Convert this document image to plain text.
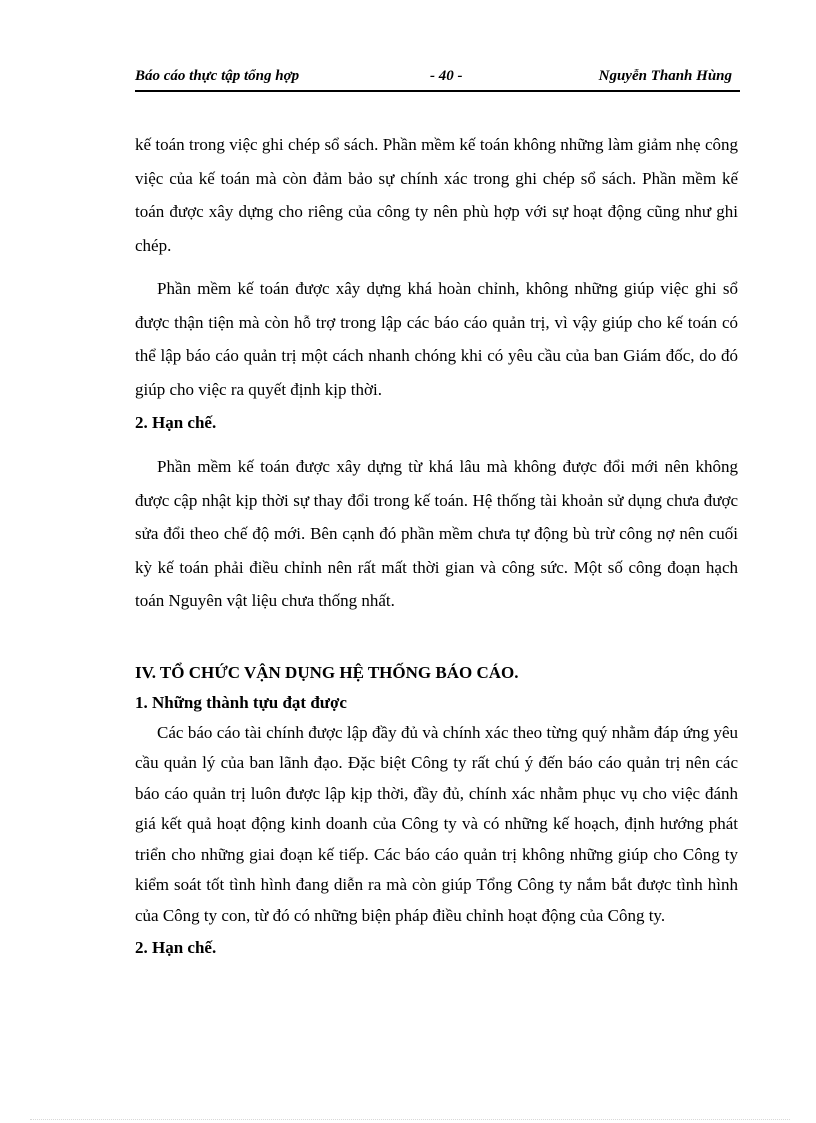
Báo cáo thực tập tổng hợp	- 40 -	Nguyễn Thanh Hùng

kế toán trong việc ghi chép sổ sách. Phần mềm kế toán không những làm giảm nhẹ công việc của kế toán mà còn đảm bảo sự chính xác trong ghi chép sổ sách. Phần mềm kế toán được xây dựng cho riêng của công ty nên phù hợp với sự hoạt động cũng như ghi chép.

Phần mềm kế toán được xây dựng khá hoàn chỉnh, không những giúp việc ghi sổ được thận tiện mà còn hỗ trợ trong lập các báo cáo quản trị, vì vậy giúp cho kế toán có thể lập báo cáo quản trị một cách nhanh chóng khi có yêu cầu của ban Giám đốc, do đó giúp cho việc ra quyết định kịp thời.

2. Hạn chế.

Phần mềm kế toán được xây dựng từ khá lâu mà không được đổi mới nên không được cập nhật kịp thời sự thay đổi trong kế toán. Hệ thống tài khoản sử dụng chưa được sửa đổi theo chế độ mới. Bên cạnh đó phần mềm chưa tự động bù trừ công nợ nên cuối kỳ kế toán phải điều chỉnh nên rất mất thời gian và công sức. Một số công đoạn hạch toán Nguyên vật liệu chưa thống nhất.

IV. TỔ CHỨC VẬN DỤNG HỆ THỐNG BÁO CÁO.

1. Những thành tựu đạt được

Các báo cáo tài chính được lập đầy đủ và chính xác theo từng quý nhằm đáp ứng yêu cầu quản lý của ban lãnh đạo. Đặc biệt Công ty rất chú ý đến báo cáo quản trị nên các báo cáo quản trị luôn được lập kịp thời, đầy đủ, chính xác nhằm phục vụ cho việc đánh giá kết quả hoạt động kinh doanh của Công ty và có những kế hoạch, định hướng phát triển cho những giai đoạn kế tiếp. Các báo cáo quản trị không những giúp cho Công ty kiểm soát tốt tình hình đang diễn ra mà còn giúp Tổng Công ty nắm bắt được tình hình của Công ty con, từ đó có những biện pháp điều chỉnh hoạt động của Công ty.

2. Hạn chế.
